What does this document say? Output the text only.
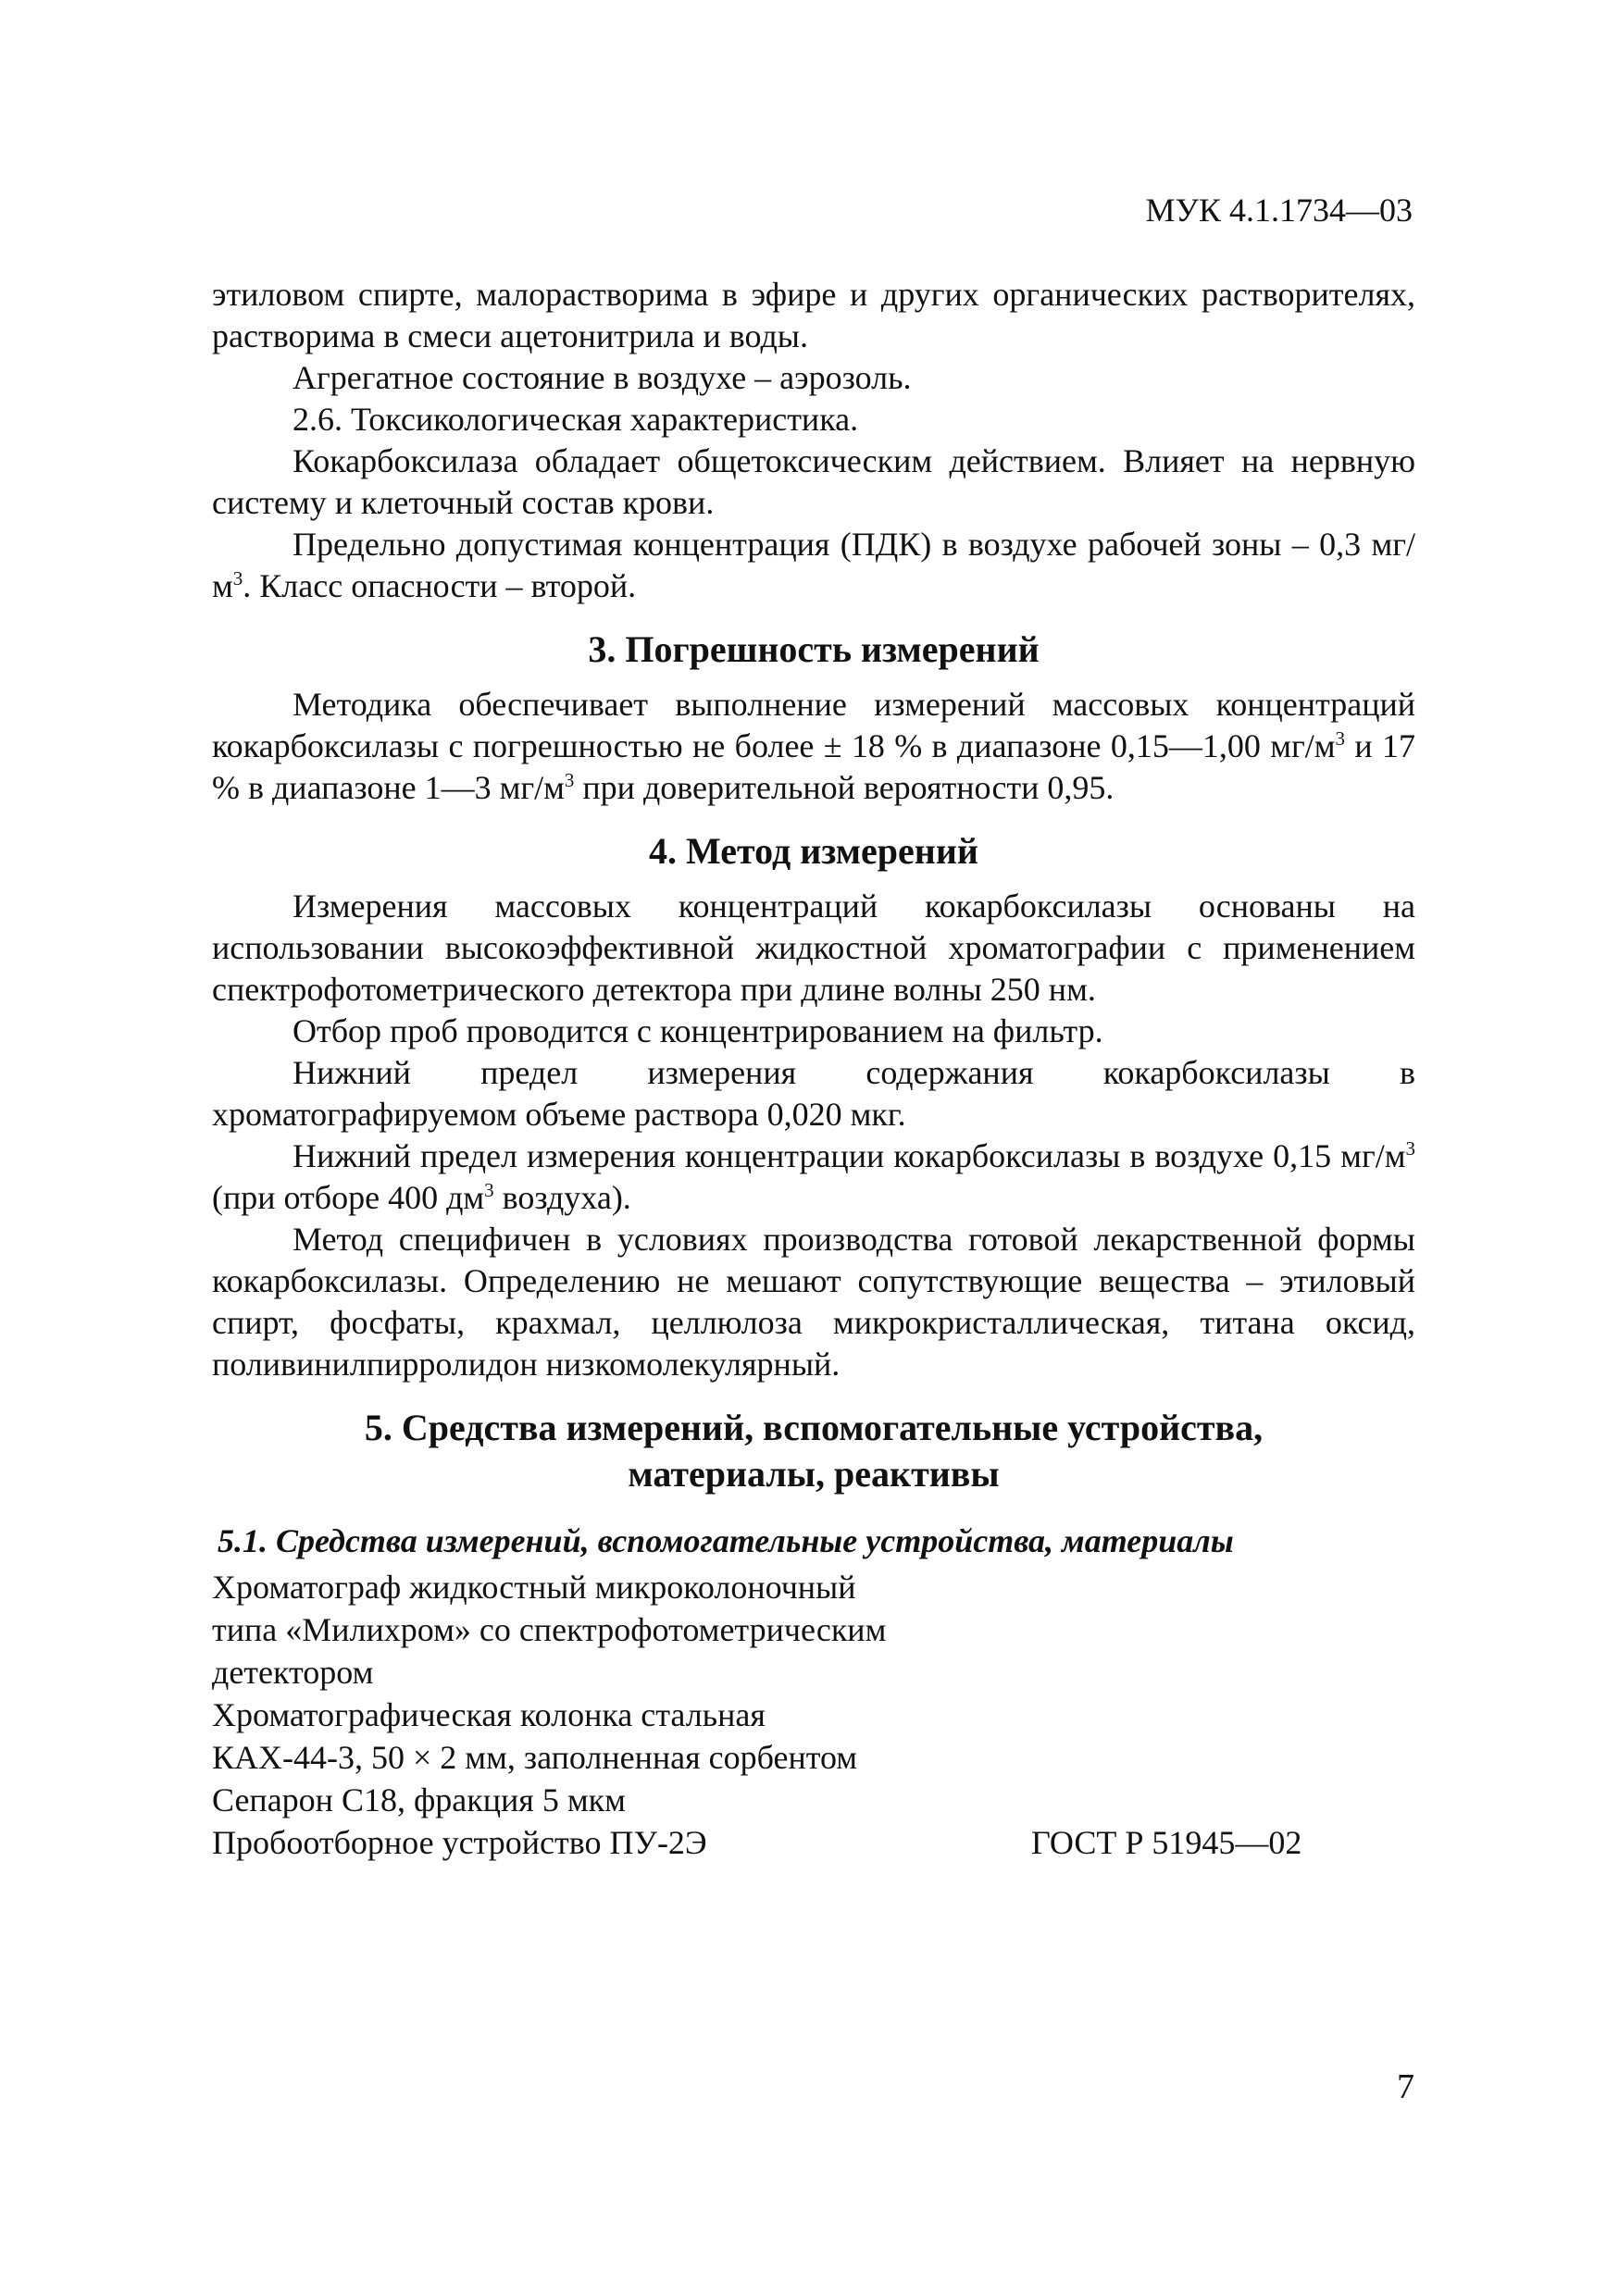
МУК 4.1.1734—03

этиловом спирте, малорастворима в эфире и других органических растворителях, растворима в смеси ацетонитрила и воды.

Агрегатное состояние в воздухе – аэрозоль.

2.6. Токсикологическая характеристика.

Кокарбоксилаза обладает общетоксическим действием. Влияет на нервную систему и клеточный состав крови.

Предельно допустимая концентрация (ПДК) в воздухе рабочей зоны – 0,3 $мг/м^3$. Класс опасности – второй.

3. Погрешность измерений

Методика обеспечивает выполнение измерений массовых концентраций кокарбоксилазы с погрешностью не более ± 18 % в диапазоне 0,15—1,00 $мг/м^3$ и 17 % в диапазоне 1—3 $мг/м^3$ при доверительной вероятности 0,95.

4. Метод измерений

Измерения массовых концентраций кокарбоксилазы основаны на использовании высокоэффективной жидкостной хроматографии с применением спектрофотометрического детектора при длине волны 250 нм.

Отбор проб проводится с концентрированием на фильтр.

Нижний предел измерения содержания кокарбоксилазы в хроматографируемом объеме раствора 0,020 мкг.

Нижний предел измерения концентрации кокарбоксилазы в воздухе 0,15 $мг/м^3$ (при отборе 400 $дм^3$ воздуха).

Метод специфичен в условиях производства готовой лекарственной формы кокарбоксилазы. Определению не мешают сопутствующие вещества – этиловый спирт, фосфаты, крахмал, целлюлоза микрокристаллическая, титана оксид, поливинилпирролидон низкомолекулярный.

5. Средства измерений, вспомогательные устройства,
материалы, реактивы
5.1. Средства измерений, вспомогательные устройства, материалы
Хроматограф жидкостный микроколоночный
типа «Милихром» со спектрофотометрическим
детектором
Хроматографическая колонка стальная
КАХ-44-3, 50 × 2 мм, заполненная сорбентом
Сепарон С18, фракция 5 мкм
Пробоотборное устройство ПУ-2Э	ГОСТ Р 51945—02
7
